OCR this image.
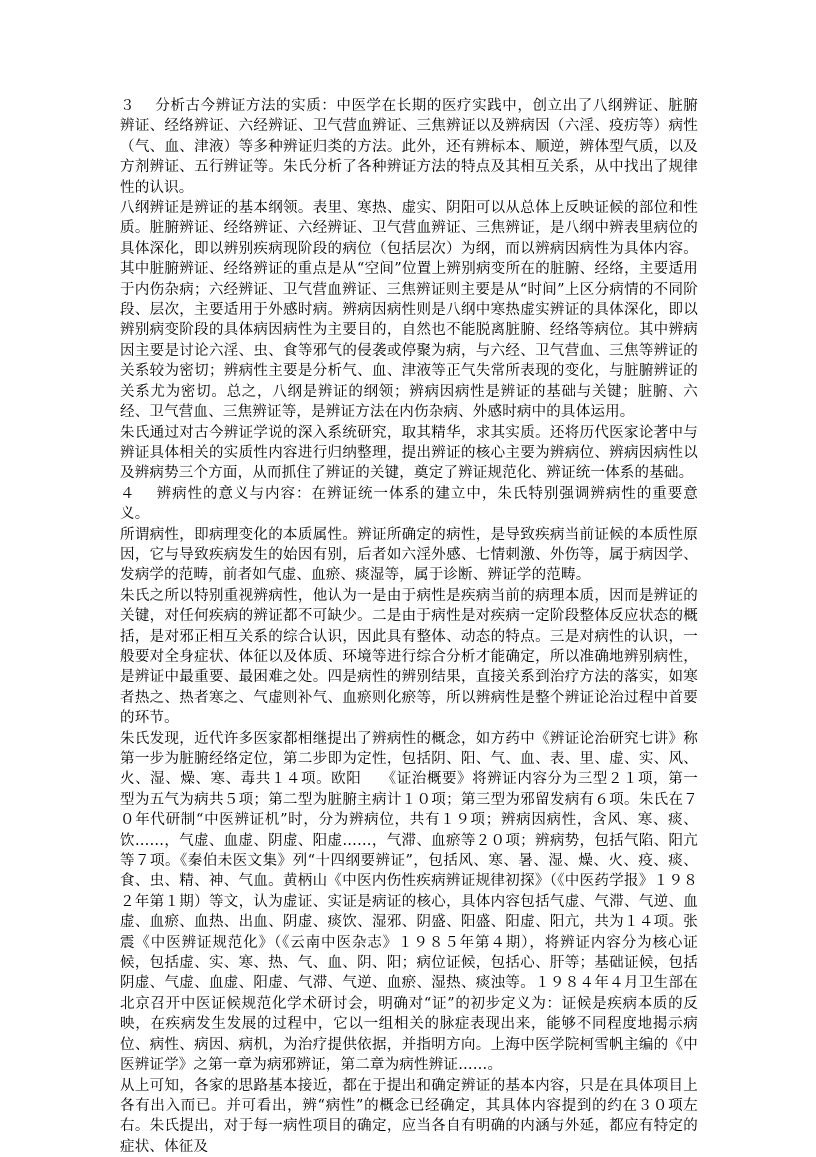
３　 分析古今辨证方法的实质：中医学在长期的医疗实践中，创立出了八纲辨证、脏腑辨证、经络辨证、六经辨证、卫气营血辨证、三焦辨证以及辨病因（六淫、疫疠等）病性（气、血、津液）等多种辨证归类的方法。此外，还有辨标本、顺逆，辨体型气质，以及方剂辨证、五行辨证等。朱氏分析了各种辨证方法的特点及其相互关系，从中找出了规律性的认识。

八纲辨证是辨证的基本纲领。表里、寒热、虚实、阴阳可以从总体上反映证候的部位和性质。脏腑辨证、经络辨证、六经辨证、卫气营血辨证、三焦辨证，是八纲中辨表里病位的具体深化，即以辨别疾病现阶段的病位（包括层次）为纲，而以辨病因病性为具体内容。其中脏腑辨证、经络辨证的重点是从“空间”位置上辨别病变所在的脏腑、经络，主要适用于内伤杂病；六经辨证、卫气营血辨证、三焦辨证则主要是从“时间”上区分病情的不同阶段、层次，主要适用于外感时病。辨病因病性则是八纲中寒热虚实辨证的具体深化，即以辨别病变阶段的具体病因病性为主要目的，自然也不能脱离脏腑、经络等病位。其中辨病因主要是讨论六淫、虫、食等邪气的侵袭或停聚为病，与六经、卫气营血、三焦等辨证的关系较为密切；辨病性主要是分析气、血、津液等正气失常所表现的变化，与脏腑辨证的关系尤为密切。总之，八纲是辨证的纲领；辨病因病性是辨证的基础与关键；脏腑、六经、卫气营血、三焦辨证等，是辨证方法在内伤杂病、外感时病中的具体运用。

朱氏通过对古今辨证学说的深入系统研究，取其精华，求其实质。还将历代医家论著中与辨证具体相关的实质性内容进行归纳整理，提出辨证的核心主要为辨病位、辨病因病性以及辨病势三个方面，从而抓住了辨证的关键，奠定了辨证规范化、辨证统一体系的基础。

４　 辨病性的意义与内容：在辨证统一体系的建立中，朱氏特别强调辨病性的重要意义。

所谓病性，即病理变化的本质属性。辨证所确定的病性，是导致疾病当前证候的本质性原因，它与导致疾病发生的始因有别，后者如六淫外感、七情刺激、外伤等，属于病因学、发病学的范畴，前者如气虚、血瘀、痰湿等，属于诊断、辨证学的范畴。

朱氏之所以特别重视辨病性，他认为一是由于病性是疾病当前的病理本质，因而是辨证的关键，对任何疾病的辨证都不可缺少。二是由于病性是对疾病一定阶段整体反应状态的概括，是对邪正相互关系的综合认识，因此具有整体、动态的特点。三是对病性的认识，一般要对全身症状、体征以及体质、环境等进行综合分析才能确定，所以准确地辨别病性，是辨证中最重要、最困难之处。四是病性的辨别结果，直接关系到治疗方法的落实，如寒者热之、热者寒之、气虚则补气、血瘀则化瘀等，所以辨病性是整个辨证论治过程中首要的环节。

朱氏发现，近代许多医家都相继提出了辨病性的概念，如方药中《辨证论治研究七讲》称第一步为脏腑经络定位，第二步即为定性，包括阴、阳、气、血、表、里、虚、实、风、火、湿、燥、寒、毒共１４项。欧阳　 《证治概要》将辨证内容分为三型２１项，第一型为五气为病共５项；第二型为脏腑主病计１０项；第三型为邪留发病有６项。朱氏在７０年代研制“中医辨证机”时，分为辨病位，共有１９项；辨病因病性，含风、寒、痰、饮……，气虚、血虚、阴虚、阳虚……，气滞、血瘀等２０项；辨病势，包括气陷、阳亢等７项。《秦伯未医文集》列“十四纲要辨证”，包括风、寒、暑、湿、燥、火、疫、痰、食、虫、精、神、气血。黄柄山《中医内伤性疾病辨证规律初探》（《中医药学报》１９８２年第１期）等文，认为虚证、实证是病证的核心，具体内容包括气虚、气滞、气逆、血虚、血瘀、血热、出血、阴虚、痰饮、湿邪、阴盛、阳盛、阳虚、阳亢，共为１４项。张震《中医辨证规范化》（《云南中医杂志》１９８５年第４期），将辨证内容分为核心证候，包括虚、实、寒、热、气、血、阴、阳；病位证候，包括心、肝等；基础证候，包括阴虚、气虚、血虚、阳虚、气滞、气逆、血瘀、湿热、痰浊等。１９８４年４月卫生部在北京召开中医证候规范化学术研讨会，明确对“证”的初步定义为：证候是疾病本质的反映，在疾病发生发展的过程中，它以一组相关的脉症表现出来，能够不同程度地揭示病位、病性、病因、病机，为治疗提供依据，并指明方向。上海中医学院柯雪帆主编的《中医辨证学》之第一章为病邪辨证，第二章为病性辨证……。

从上可知，各家的思路基本接近，都在于提出和确定辨证的基本内容，只是在具体项目上各有出入而已。并可看出，辨“病性”的概念已经确定，其具体内容提到的约在３０项左右。朱氏提出，对于每一病性项目的确定，应当各自有明确的内涵与外延，都应有特定的症状、体征及
